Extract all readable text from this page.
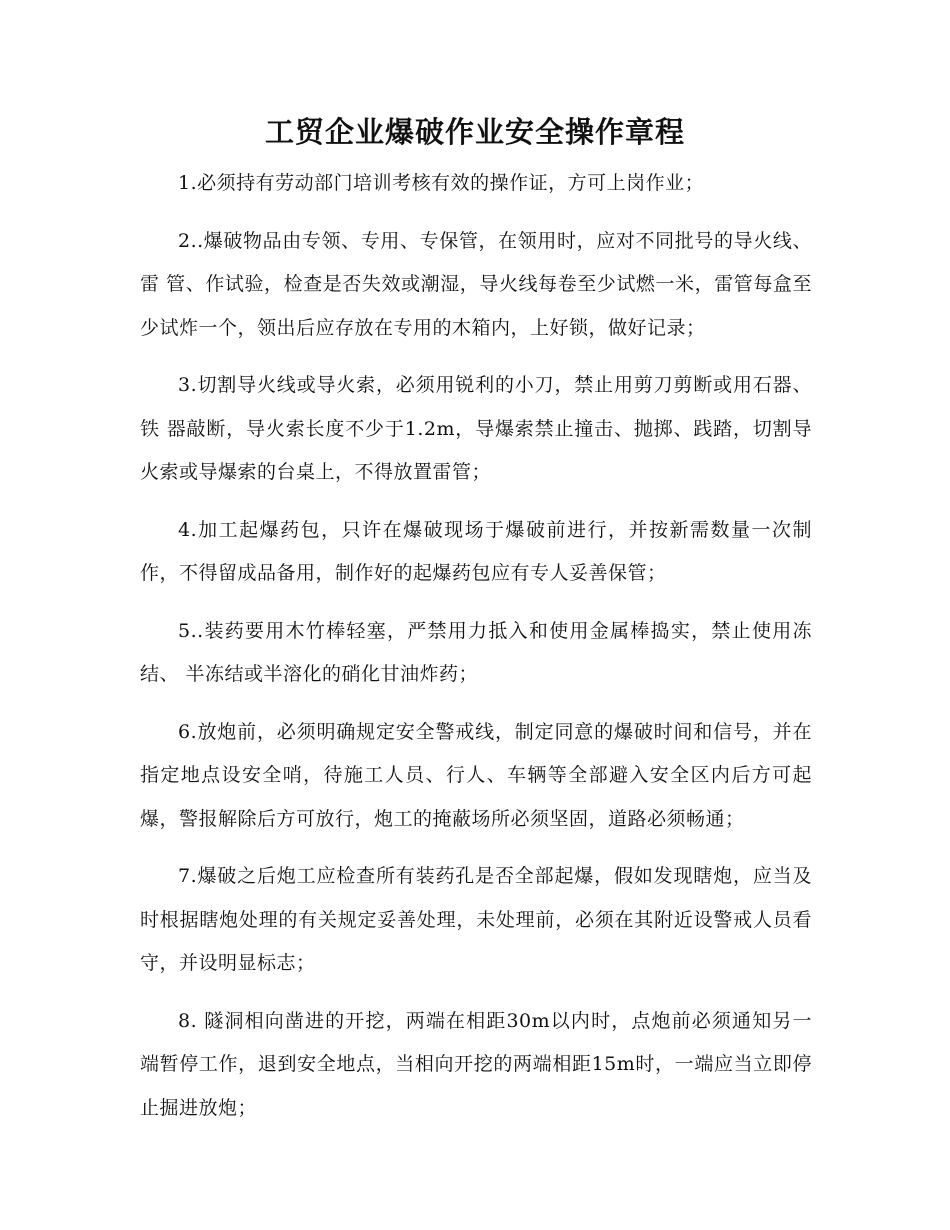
工贸企业爆破作业安全操作章程

1.必须持有劳动部门培训考核有效的操作证，方可上岗作业；

2..爆破物品由专领、专用、专保管，在领用时，应对不同批号的导火线、雷 管、作试验，检查是否失效或潮湿，导火线每卷至少试燃一米，雷管每盒至少试炸一个，领出后应存放在专用的木箱内，上好锁，做好记录；

3.切割导火线或导火索，必须用锐利的小刀，禁止用剪刀剪断或用石器、铁 器敲断，导火索长度不少于1.2m，导爆索禁止撞击、抛掷、践踏，切割导火索或导爆索的台桌上，不得放置雷管；

4.加工起爆药包，只许在爆破现场于爆破前进行，并按新需数量一次制作，不得留成品备用，制作好的起爆药包应有专人妥善保管；

5..装药要用木竹棒轻塞，严禁用力抵入和使用金属棒捣实，禁止使用冻结、 半冻结或半溶化的硝化甘油炸药；

6.放炮前，必须明确规定安全警戒线，制定同意的爆破时间和信号，并在指定地点设安全哨，待施工人员、行人、车辆等全部避入安全区内后方可起爆，警报解除后方可放行，炮工的掩蔽场所必须坚固，道路必须畅通；

7.爆破之后炮工应检查所有装药孔是否全部起爆，假如发现瞎炮，应当及时根据瞎炮处理的有关规定妥善处理，未处理前，必须在其附近设警戒人员看守，并设明显标志；

8. 隧洞相向凿进的开挖，两端在相距30m以内时，点炮前必须通知另一端暂停工作，退到安全地点，当相向开挖的两端相距15m时，一端应当立即停止掘进放炮；
